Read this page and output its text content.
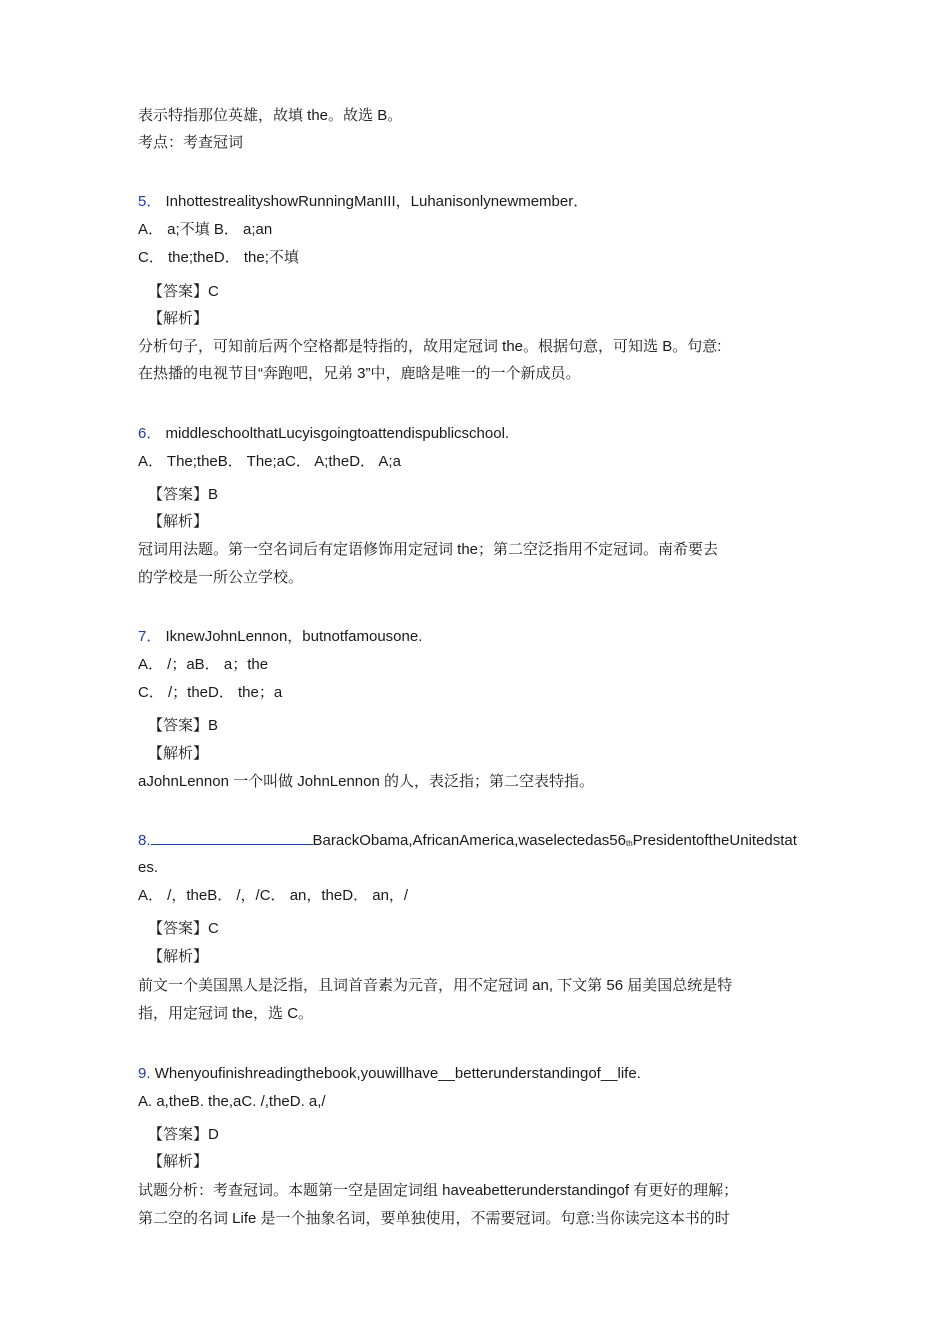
表示特指那位英雄，故填 the。故选 B。
考点：考查冠词
5． InhottestrealityshowRunningManIII，Luhanisonlynewmember．
A． a;不填 B． a;an
C． the;theD． the;不填
【答案】C
【解析】
分析句子，可知前后两个空格都是特指的，故用定冠词 the。根据句意，可知选 B。句意:
在热播的电视节目“奔跑吧，兄弟 3”中，鹿晗是唯一的一个新成员。
6． middleschoolthatLucyisgoingtoattendispublicschool.
A． The;theB． The;aC． A;theD． A;a
【答案】B
【解析】
冠词用法题。第一空名词后有定语修饰用定冠词 the；第二空泛指用不定冠词。南希要去
的学校是一所公立学校。
7． IknewJohnLennon，butnotfamousone.
A． /；aB． a；the
C． /；theD． the；a
【答案】B
【解析】
aJohnLennon 一个叫做 JohnLennon 的人，表泛指；第二空表特指。
8.	$BarackObama,AfricanAmerica,waselectedas56_{th}PresidentoftheUnitedstat$
es.
A． /，theB． /，/C． an，theD． an，/
【答案】C
【解析】
前文一个美国黑人是泛指，且词首音素为元音，用不定冠词 an, 下文第 56 届美国总统是特
指，用定冠词 the，选 C。
9. Whenyoufinishreadingthebook,youwillhave__betterunderstandingof__life.
A. a,theB. the,aC. /,theD. a,/
【答案】D
【解析】
试题分析：考查冠词。本题第一空是固定词组 haveabetterunderstandingof 有更好的理解；
第二空的名词 Life 是一个抽象名词，要单独使用，不需要冠词。句意:当你读完这本书的时
